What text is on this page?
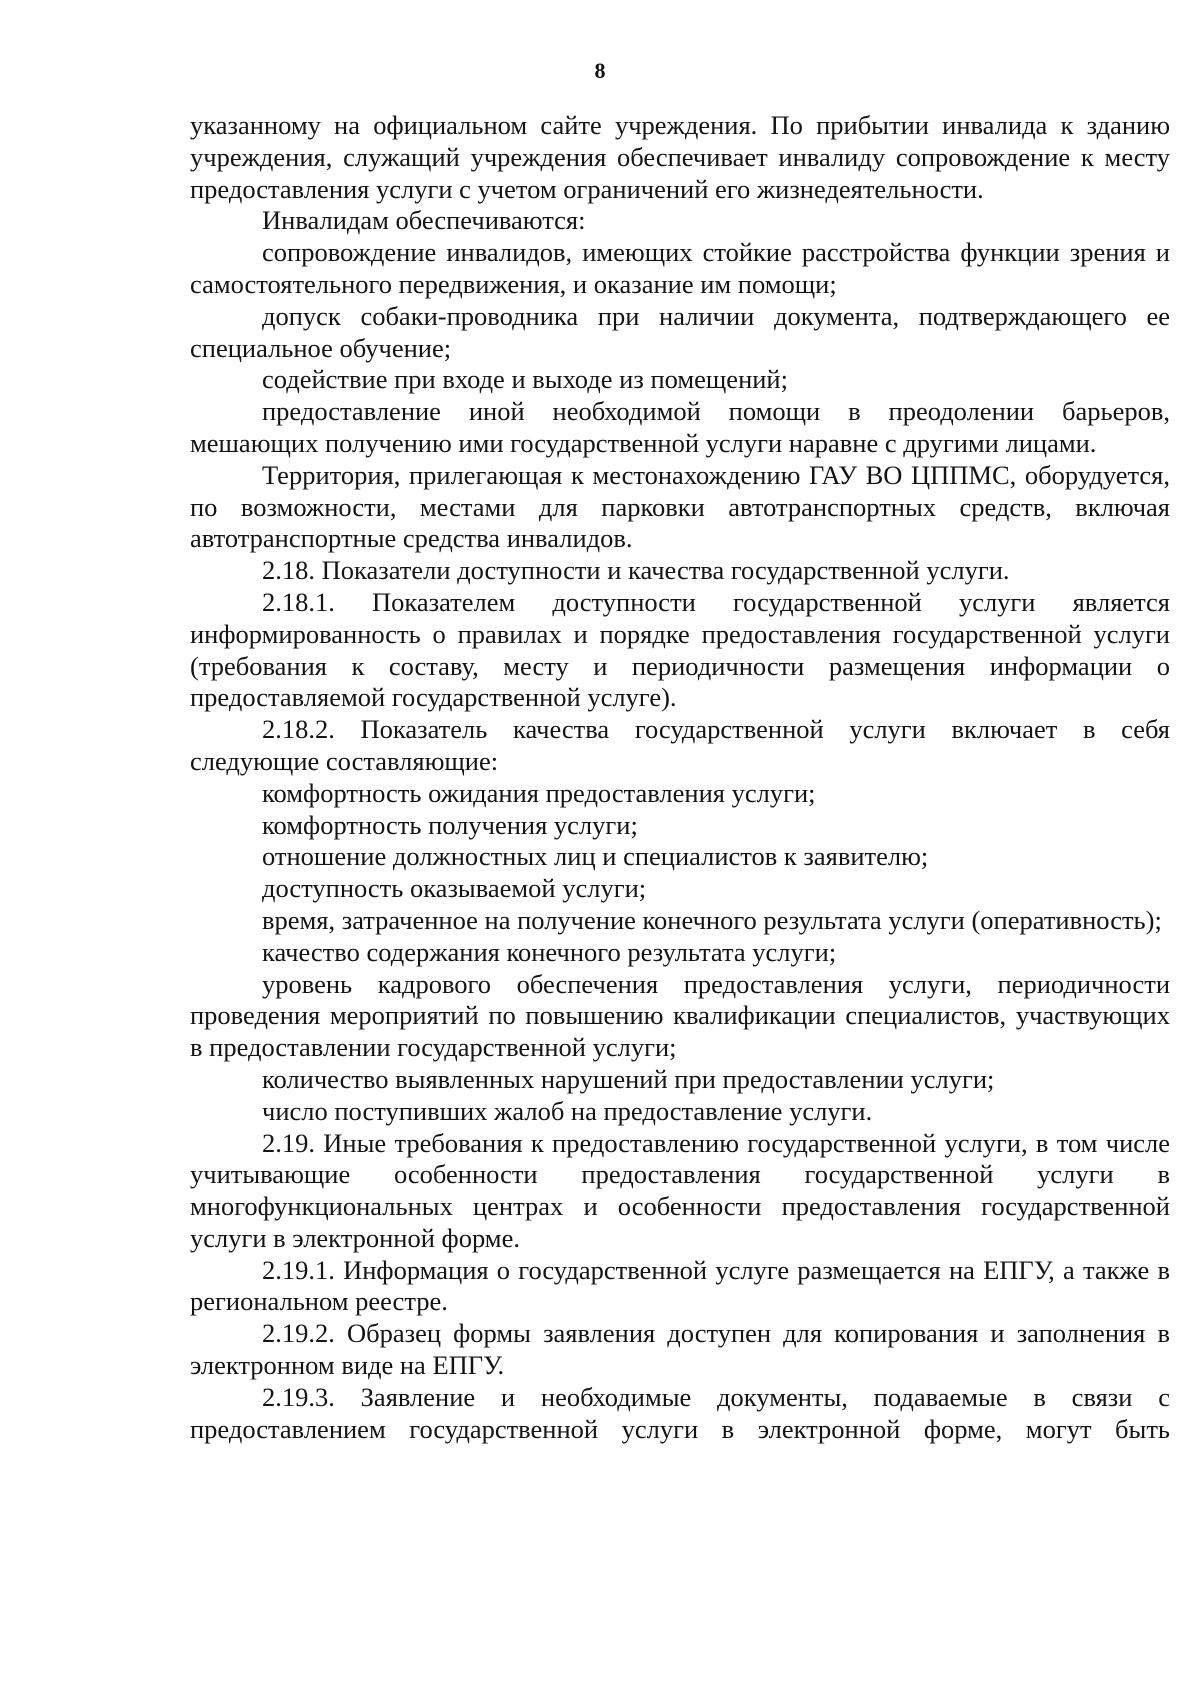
8

указанному на официальном сайте учреждения. По прибытии инвалида к зданию учреждения, служащий учреждения обеспечивает инвалиду сопровождение к месту предоставления услуги с учетом ограничений его жизнедеятельности.

Инвалидам обеспечиваются:

сопровождение инвалидов, имеющих стойкие расстройства функции зрения и самостоятельного передвижения, и оказание им помощи;

допуск собаки-проводника при наличии документа, подтверждающего ее специальное обучение;

содействие при входе и выходе из помещений;

предоставление иной необходимой помощи в преодолении барьеров, мешающих получению ими государственной услуги наравне с другими лицами.

Территория, прилегающая к местонахождению ГАУ ВО ЦППМС, оборудуется, по возможности, местами для парковки автотранспортных средств, включая автотранспортные средства инвалидов.

2.18. Показатели доступности и качества государственной услуги.

2.18.1. Показателем доступности государственной услуги является информированность о правилах и порядке предоставления государственной услуги (требования к составу, месту и периодичности размещения информации о предоставляемой государственной услуге).

2.18.2. Показатель качества государственной услуги включает в себя следующие составляющие:

комфортность ожидания предоставления услуги;

комфортность получения услуги;

отношение должностных лиц и специалистов к заявителю;

доступность оказываемой услуги;

время, затраченное на получение конечного результата услуги (оперативность);

качество содержания конечного результата услуги;

уровень кадрового обеспечения предоставления услуги, периодичности проведения мероприятий по повышению квалификации специалистов, участвующих в предоставлении государственной услуги;

количество выявленных нарушений при предоставлении услуги;

число поступивших жалоб на предоставление услуги.

2.19. Иные требования к предоставлению государственной услуги, в том числе учитывающие особенности предоставления государственной услуги в многофункциональных центрах и особенности предоставления государственной услуги в электронной форме.

2.19.1. Информация о государственной услуге размещается на ЕПГУ, а также в региональном реестре.

2.19.2. Образец формы заявления доступен для копирования и заполнения в электронном виде на ЕПГУ.

2.19.3. Заявление и необходимые документы, подаваемые в связи с предоставлением государственной услуги в электронной форме, могут быть
